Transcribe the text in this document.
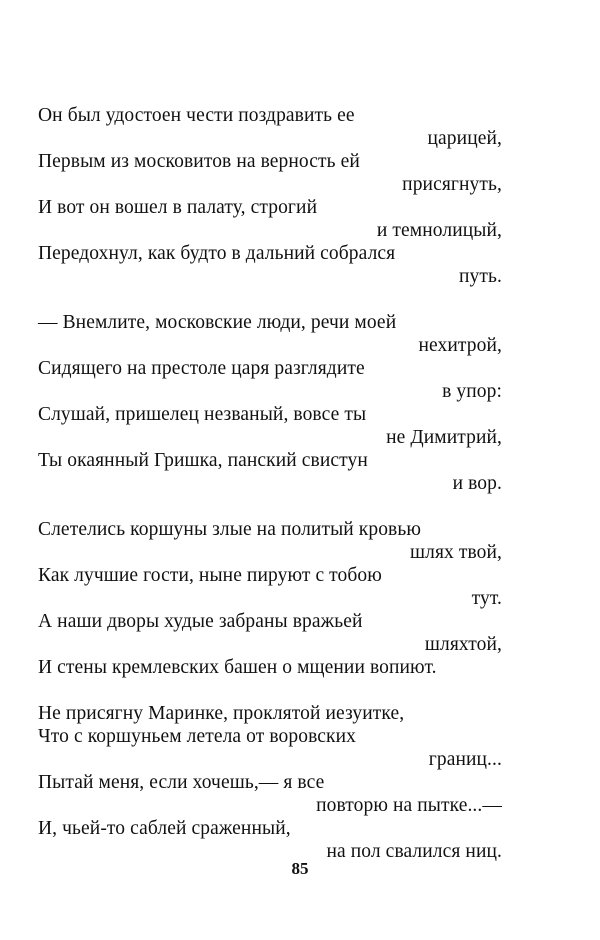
Он был удостоен чести поздравить ее
царицей,
Первым из московитов на верность ей
присягнуть,
И вот он вошел в палату, строгий
и темнолицый,
Передохнул, как будто в дальний собрался
путь.
— Внемлите, московские люди, речи моей
нехитрой,
Сидящего на престоле царя разглядите
в упор:
Слушай, пришелец незваный, вовсе ты
не Димитрий,
Ты окаянный Гришка, панский свистун
и вор.
Слетелись коршуны злые на политый кровью
шлях твой,
Как лучшие гости, ныне пируют с тобою
тут.
А наши дворы худые забраны вражьей
шляхтой,
И стены кремлевских башен о мщении вопиют.
Не присягну Маринке, проклятой иезуитке,
Что с коршуньем летела от воровских
границ...
Пытай меня, если хочешь,— я все
повторю на пытке...—
И, чьей-то саблей сраженный,
на пол свалился ниц.
85
